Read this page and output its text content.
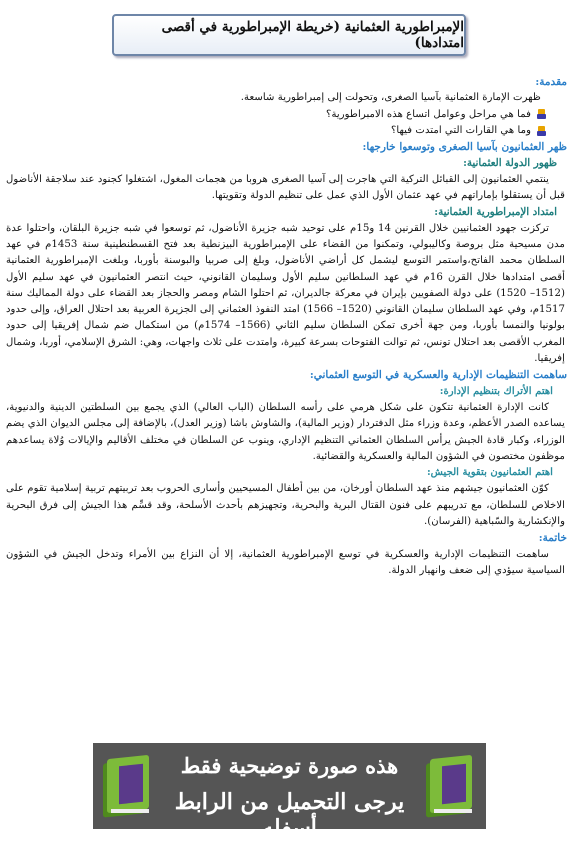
الإمبراطورية العثمانية (خريطة الإمبراطورية في أقصى امتدادها)
مقدمة:
ظهرت الإمارة العثمانية بآسيا الصغرى، وتحولت إلى إمبراطورية شاسعة.
فما هي مراحل وعوامل اتساع هذه الامبراطورية؟
وما هي القارات التي امتدت فيها؟
ظهر العثمانيون بآسيا الصغرى وتوسعوا خارجها:
ظهور الدولة العثمانية:
ينتمي العثمانيون إلى القبائل التركية التي هاجرت إلى آسيا الصغرى هروبا من هجمات المغول، اشتغلوا كجنود عند سلاجقة الأناضول قبل أن يستقلوا بإماراتهم في عهد عثمان الأول الذي عمل على تنظيم الدولة وتقويتها.
امتداد الإمبراطورية العثمانية:
تركزت جهود العثمانيين خلال القرنين 14 و15م على توحيد شبه جزيرة الأناضول، ثم توسعوا في شبه جزيرة البلقان، واحتلوا عدة مدن مسيحية مثل بروصة وكاليبولي، وتمكنوا من القضاء على الإمبراطورية البيزنطية بعد فتح القسطنطينية سنة 1453م في عهد السلطان محمد الفاتح،واستمر التوسع ليشمل كل أراضي الأناضول، وبلغ إلى صربيا والبوسنة بأوربا، وبلغت الإمبراطورية العثمانية أقصى امتدادها خلال القرن 16م في عهد السلطانين سليم الأول وسليمان القانوني، حيث انتصر العثمانيون في عهد سليم الأول (1512– 1520) على دولة الصفويين بإيران في معركة جالديران، ثم احتلوا الشام ومصر والحجاز بعد القضاء على دولة المماليك سنة 1517م، وفي عهد السلطان سليمان القانوني (1520– 1566) امتد النفوذ العثماني إلى الجزيرة العربية بعد احتلال العراق، وإلى حدود بولونيا والنمسا بأوربا، ومن جهة أخرى تمكن السلطان سليم الثاني (1566– 1574م) من استكمال ضم شمال إفريقيا إلى حدود المغرب الأقصى بعد احتلال تونس، ثم توالت الفتوحات بسرعة كبيرة، وامتدت على ثلاث واجهات، وهي: الشرق الإسلامي، أوربا، وشمال إفريقيا.
ساهمت التنظيمات الإدارية والعسكرية في التوسع العثماني:
اهتم الأتراك بتنظيم الإدارة:
كانت الإدارة العثمانية تتكون على شكل هرمي على رأسه السلطان (الباب العالي) الذي يجمع بين السلطتين الدينية والدنيوية، يساعده الصدر الأعظم، وعدة وزراء مثل الدفتردار (وزير المالية)، والشاوش باشا (وزير العدل)، بالإضافة إلى مجلس الديوان الذي يضم الوزراء، وكبار قادة الجيش يرأس السلطان العثماني التنظيم الإداري، وينوب عن السلطان في مختلف الأقاليم والإيالات وُلاة يساعدهم موظفون مختصون في الشؤون المالية والعسكرية والقضائية.
اهتم العثمانيون بتقوية الجيش:
كوّن العثمانيون جيشهم منذ عهد السلطان أورخان، من بين أطفال المسيحيين وأسارى الحروب بعد تربيتهم تربية إسلامية تقوم على الاخلاص للسلطان، مع تدريبهم على فنون القتال البرية والبحرية، وتجهيزهم بأحدث الأسلحة، وقد قسِّم هذا الجيش إلى فرق البحرية والإنكشارية والسّباهية (الفرسان).
خاتمة:
ساهمت التنظيمات الإدارية والعسكرية في توسع الإمبراطورية العثمانية، إلا أن النزاع بين الأمراء وتدخل الجيش في الشؤون السياسية سيؤدي إلى ضعف وانهيار الدولة.
هذه صورة توضيحية فقط
يرجى التحميل من الرابط أسفله
